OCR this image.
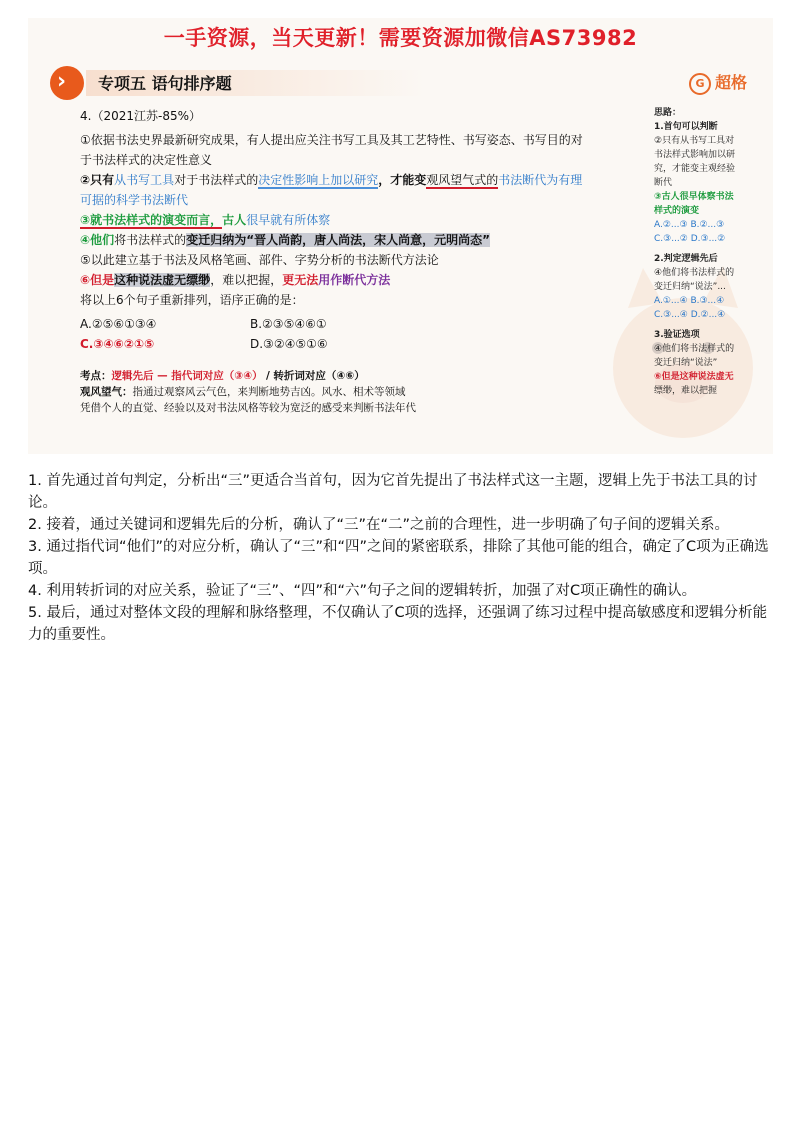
一手资源，当天更新！需要资源加微信AS73982
› 专项五 语句排序题	G 超格
4.（2021江苏-85%）
①依据书法史界最新研究成果，有人提出应关注书写工具及其工艺特性、书写姿态、书写目的对
于书法样式的决定性意义
②只有从书写工具对于书法样式的决定性影响上加以研究，才能变观风望气式的书法断代为有理
可据的科学书法断代
③就书法样式的演变而言，古人很早就有所体察
④他们将书法样式的变迁归纳为“晋人尚韵，唐人尚法，宋人尚意，元明尚态”
⑤以此建立基于书法及风格笔画、部件、字势分析的书法断代方法论
⑥但是这种说法虚无缥缈，难以把握，更无法用作断代方法
将以上6个句子重新排列，语序正确的是：
A.②⑤⑥①③④	B.②③⑤④⑥①
C.③④⑥②①⑤	D.③②④⑤①⑥
考点：逻辑先后 — 指代词对应（③④） / 转折词对应（④⑥）
观风望气：指通过观察风云气色，来判断地势吉凶。风水、相术等领域
凭借个人的直觉、经验以及对书法风格等较为宽泛的感受来判断书法年代
思路：
1.首句可以判断
②只有从书写工具对
书法样式影响加以研
究，才能变主观经验
断代
③古人很早体察书法
样式的演变
A.②...③ B.②...③
C.③...② D.③...②
2.判定逻辑先后
④他们将书法样式的
变迁归纳“说法”...
A.①...④ B.③...④
C.③...④ D.②...④
3.验证选项
④他们将书法样式的
变迁归纳“说法”
⑥但是这种说法虚无
缥缈，难以把握

1. 首先通过首句判定，分析出“三”更适合当首句，因为它首先提出了书法样式这一主题，逻辑上先于书法工具的讨论。

2. 接着，通过关键词和逻辑先后的分析，确认了“三”在“二”之前的合理性，进一步明确了句子间的逻辑关系。

3. 通过指代词“他们”的对应分析，确认了“三”和“四”之间的紧密联系，排除了其他可能的组合，确定了C项为正确选项。

4. 利用转折词的对应关系，验证了“三”、“四”和“六”句子之间的逻辑转折，加强了对C项正确性的确认。

5. 最后，通过对整体文段的理解和脉络整理，不仅确认了C项的选择，还强调了练习过程中提高敏感度和逻辑分析能力的重要性。
